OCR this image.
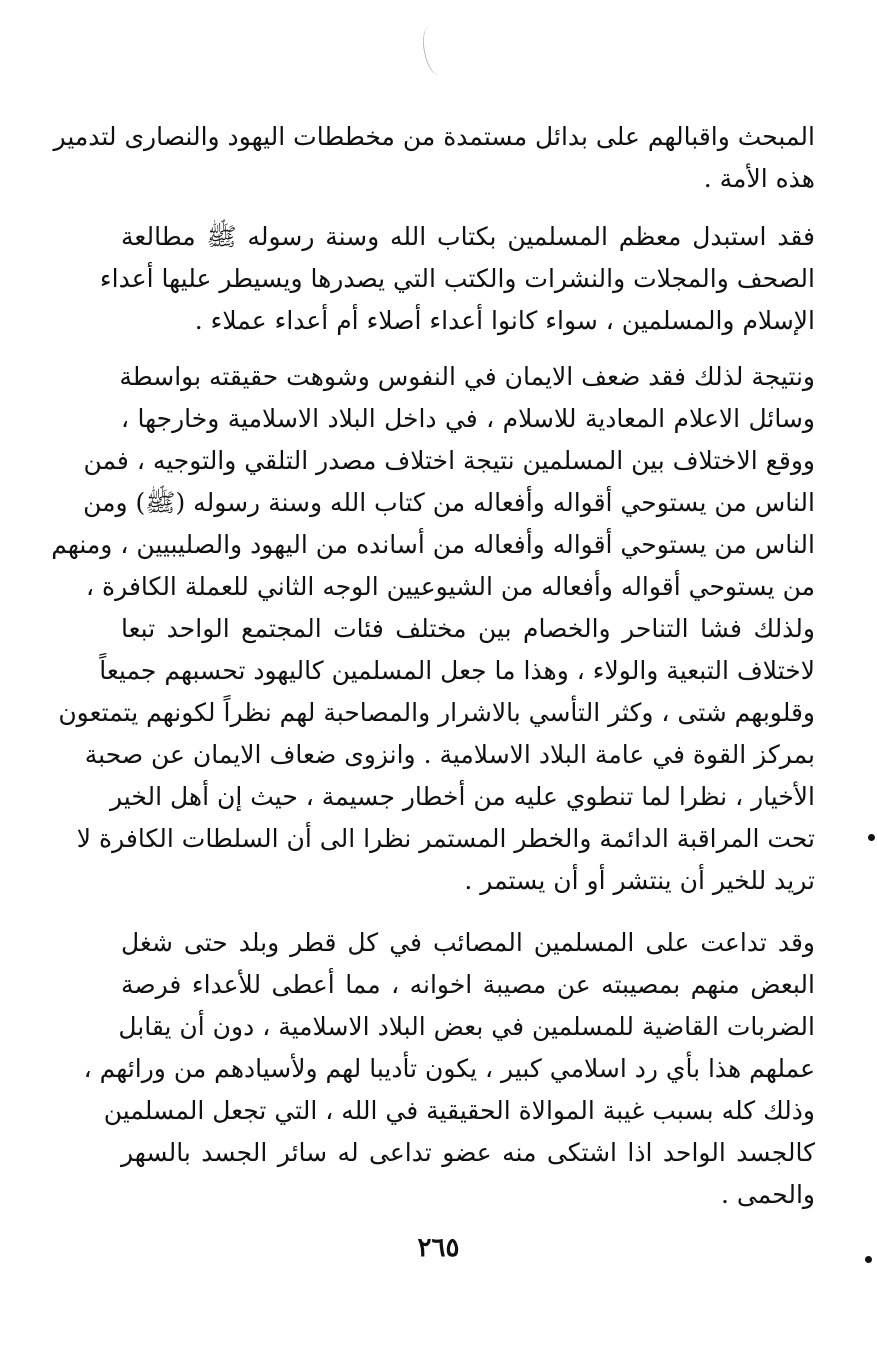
المبحث واقبالهم على بدائل مستمدة من مخططات اليهود والنصارى لتدمير
هذه الأمة .
فقد استبدل معظم المسلمين بكتاب الله وسنة رسوله ﷺ مطالعة
الصحف والمجلات والنشرات والكتب التي يصدرها ويسيطر عليها أعداء
الإسلام والمسلمين ، سواء كانوا أعداء أصلاء أم أعداء عملاء .
ونتيجة لذلك فقد ضعف الايمان في النفوس وشوهت حقيقته بواسطة
وسائل الاعلام المعادية للاسلام ، في داخل البلاد الاسلامية وخارجها ،
ووقع الاختلاف بين المسلمين نتيجة اختلاف مصدر التلقي والتوجيه ، فمن
الناس من يستوحي أقواله وأفعاله من كتاب الله وسنة رسوله (ﷺ) ومن
الناس من يستوحي أقواله وأفعاله من أسانده من اليهود والصليبيين ، ومنهم
من يستوحي أقواله وأفعاله من الشيوعيين الوجه الثاني للعملة الكافرة ،
ولذلك فشا التناحر والخصام بين مختلف فئات المجتمع الواحد تبعا
لاختلاف التبعية والولاء ، وهذا ما جعل المسلمين كاليهود تحسبهم جميعاً
وقلوبهم شتى ، وكثر التأسي بالاشرار والمصاحبة لهم نظراً لكونهم يتمتعون
بمركز القوة في عامة البلاد الاسلامية . وانزوى ضعاف الايمان عن صحبة
الأخيار ، نظرا لما تنطوي عليه من أخطار جسيمة ، حيث إن أهل الخير
تحت المراقبة الدائمة والخطر المستمر نظرا الى أن السلطات الكافرة لا
تريد للخير أن ينتشر أو أن يستمر .
وقد تداعت على المسلمين المصائب في كل قطر وبلد حتى شغل
البعض منهم بمصيبته عن مصيبة اخوانه ، مما أعطى للأعداء فرصة
الضربات القاضية للمسلمين في بعض البلاد الاسلامية ، دون أن يقابل
عملهم هذا بأي رد اسلامي كبير ، يكون تأديبا لهم ولأسيادهم من ورائهم ،
وذلك كله بسبب غيبة الموالاة الحقيقية في الله ، التي تجعل المسلمين
كالجسد الواحد اذا اشتكى منه عضو تداعى له سائر الجسد بالسهر
والحمى .
٢٦٥
